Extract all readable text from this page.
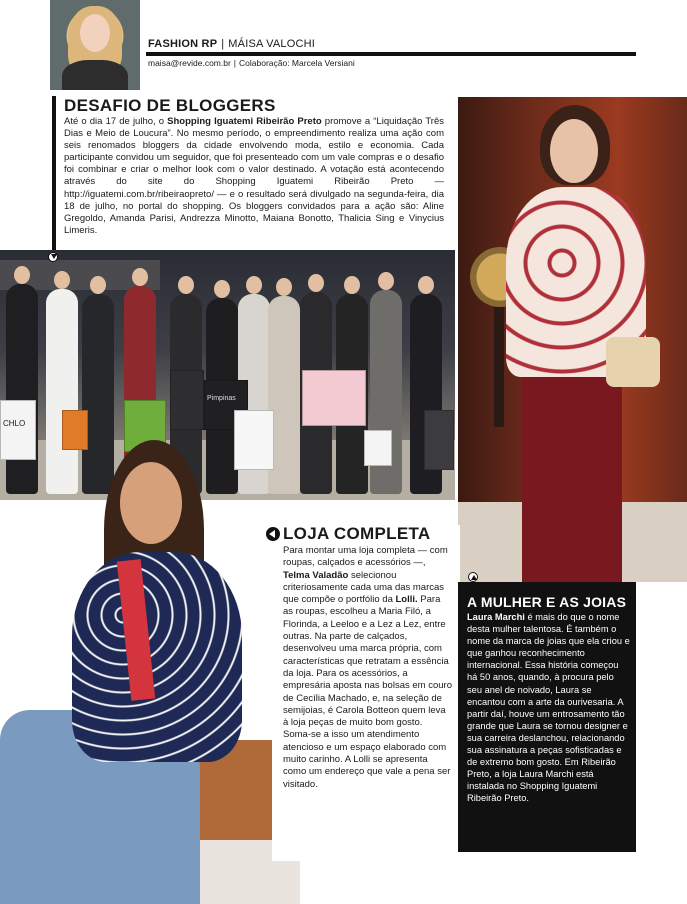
FASHION RP | MÁISA VALOCHI
maisa@revide.com.br | Colaboração: Marcela Versiani
DESAFIO DE BLOGGERS
Até o dia 17 de julho, o Shopping Iguatemi Ribeirão Preto promove a “Liquidação Três Dias e Meio de Loucura”. No mesmo período, o empreendimento realiza uma ação com seis renomados bloggers da cidade envolvendo moda, estilo e economia. Cada participante convidou um seguidor, que foi presenteado com um vale compras e o desafio foi combinar e criar o melhor look com o valor destinado. A votação está acontecendo através do site do Shopping Iguatemi Ribeirão Preto — http://iguatemi.com.br/ribeiraopreto/ — e o resultado será divulgado na segunda-feira, dia 18 de julho, no portal do shopping. Os bloggers convidados para a ação são: Aline Gregoldo, Amanda Parisi, Andrezza Minotto, Maiana Bonotto, Thalicia Sing e Vinycius Limeris.
CHLO
Pimpinas
LOJA COMPLETA
Para montar uma loja completa — com roupas, calçados e acessórios —, Telma Valadão selecionou criteriosamente cada uma das marcas que compõe o portfólio da Lolli. Para as roupas, escolheu a Maria Filó, a Florinda, a Leeloo e a Lez a Lez, entre outras. Na parte de calçados, desenvolveu uma marca própria, com características que retratam a essência da loja. Para os acessórios, a empresária aposta nas bolsas em couro de Cecília Machado, e, na seleção de semijoias, é Carola Botteon quem leva à loja peças de muito bom gosto. Soma-se a isso um atendimento atencioso e um espaço elaborado com muito carinho. A Lolli se apresenta como um endereço que vale a pena ser visitado.
A MULHER E AS JOIAS
Laura Marchi é mais do que o nome desta mulher talentosa. É também o nome da marca de joias que ela criou e que ganhou reconhecimento internacional. Essa história começou há 50 anos, quando, à procura pelo seu anel de noivado, Laura se encantou com a arte da ourivesaria. A partir daí, houve um entrosamento tão grande que Laura se tornou designer e sua carreira deslanchou, relacionando sua assinatura a peças sofisticadas e de extremo bom gosto. Em Ribeirão Preto, a loja Laura Marchi está instalada no Shopping Iguatemi Ribeirão Preto.
